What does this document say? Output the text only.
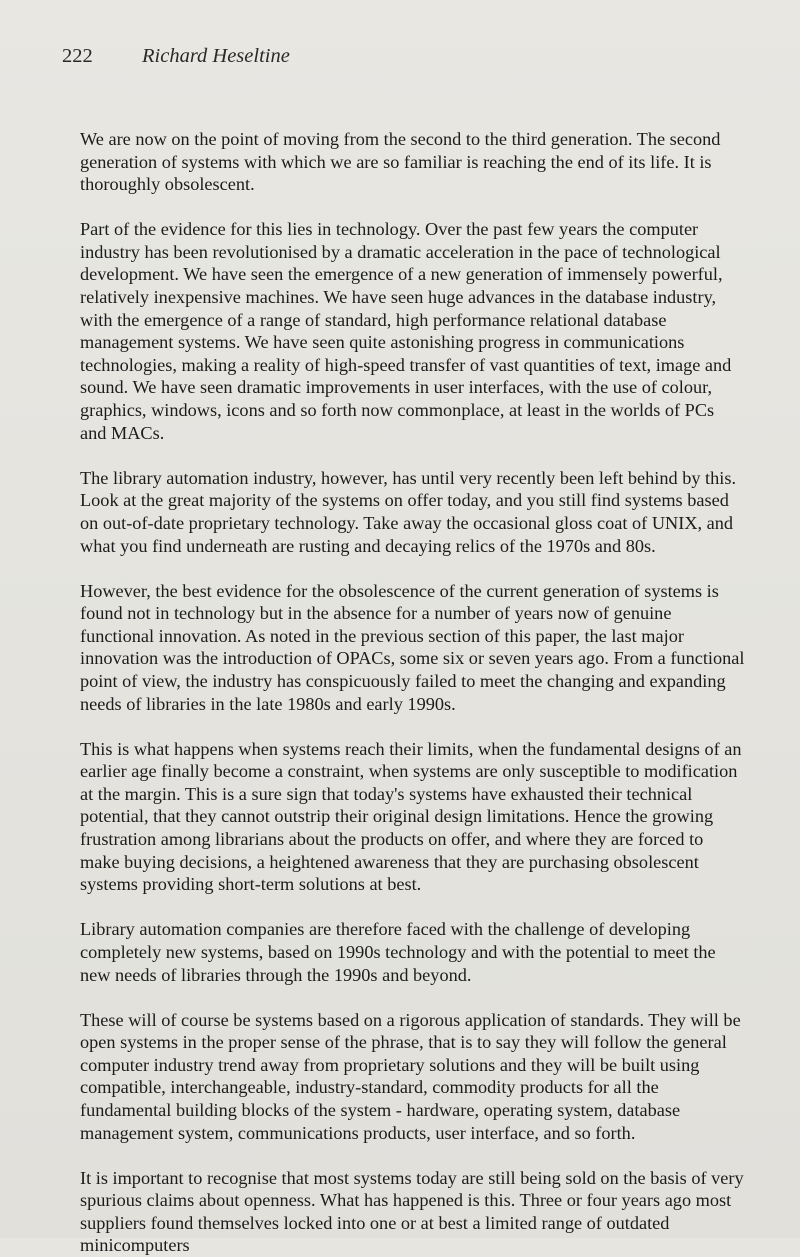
222 Richard Heseltine

We are now on the point of moving from the second to the third generation. The second generation of systems with which we are so familiar is reaching the end of its life. It is thoroughly obsolescent.

Part of the evidence for this lies in technology. Over the past few years the computer industry has been revolutionised by a dramatic acceleration in the pace of technological development. We have seen the emergence of a new generation of immensely powerful, relatively inexpensive machines. We have seen huge advances in the database industry, with the emergence of a range of standard, high performance relational database management systems. We have seen quite astonishing progress in communications technologies, making a reality of high-speed transfer of vast quantities of text, image and sound. We have seen dramatic improvements in user interfaces, with the use of colour, graphics, windows, icons and so forth now commonplace, at least in the worlds of PCs and MACs.

The library automation industry, however, has until very recently been left behind by this. Look at the great majority of the systems on offer today, and you still find systems based on out-of-date proprietary technology. Take away the occasional gloss coat of UNIX, and what you find underneath are rusting and decaying relics of the 1970s and 80s.

However, the best evidence for the obsolescence of the current generation of systems is found not in technology but in the absence for a number of years now of genuine functional innovation. As noted in the previous section of this paper, the last major innovation was the introduction of OPACs, some six or seven years ago. From a functional point of view, the industry has conspicuously failed to meet the changing and expanding needs of libraries in the late 1980s and early 1990s.

This is what happens when systems reach their limits, when the fundamental designs of an earlier age finally become a constraint, when systems are only susceptible to modification at the margin. This is a sure sign that today's systems have exhausted their technical potential, that they cannot outstrip their original design limitations. Hence the growing frustration among librarians about the products on offer, and where they are forced to make buying decisions, a heightened awareness that they are purchasing obsolescent systems providing short-term solutions at best.

Library automation companies are therefore faced with the challenge of developing completely new systems, based on 1990s technology and with the potential to meet the new needs of libraries through the 1990s and beyond.

These will of course be systems based on a rigorous application of standards. They will be open systems in the proper sense of the phrase, that is to say they will follow the general computer industry trend away from proprietary solutions and they will be built using compatible, interchangeable, industry-standard, commodity products for all the fundamental building blocks of the system - hardware, operating system, database management system, communications products, user interface, and so forth.

It is important to recognise that most systems today are still being sold on the basis of very spurious claims about openness. What has happened is this. Three or four years ago most suppliers found themselves locked into one or at best a limited range of outdated minicomputers
